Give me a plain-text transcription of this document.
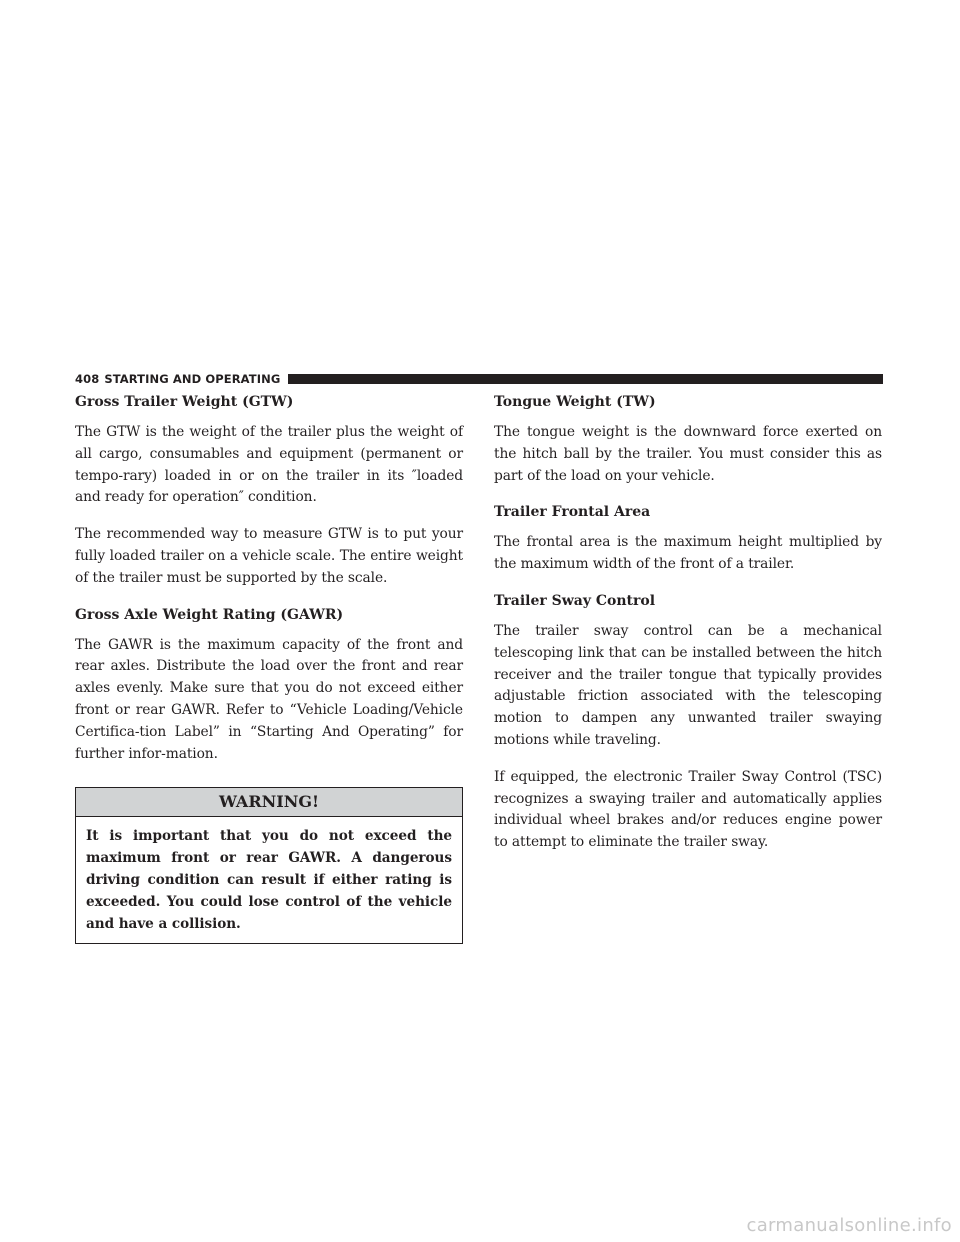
408 STARTING AND OPERATING
Gross Trailer Weight (GTW)

The GTW is the weight of the trailer plus the weight of all cargo, consumables and equipment (permanent or tempo-rary) loaded in or on the trailer in its ″loaded and ready for operation″ condition.

The recommended way to measure GTW is to put your fully loaded trailer on a vehicle scale. The entire weight of the trailer must be supported by the scale.

Gross Axle Weight Rating (GAWR)

The GAWR is the maximum capacity of the front and rear axles. Distribute the load over the front and rear axles evenly. Make sure that you do not exceed either front or rear GAWR. Refer to “Vehicle Loading/Vehicle Certifica-tion Label” in “Starting And Operating” for further infor-mation.

WARNING!
It is important that you do not exceed the maximum front or rear GAWR. A dangerous driving condition can result if either rating is exceeded. You could lose control of the vehicle and have a collision.
Tongue Weight (TW)

The tongue weight is the downward force exerted on the hitch ball by the trailer. You must consider this as part of the load on your vehicle.

Trailer Frontal Area

The frontal area is the maximum height multiplied by the maximum width of the front of a trailer.

Trailer Sway Control

The trailer sway control can be a mechanical telescoping link that can be installed between the hitch receiver and the trailer tongue that typically provides adjustable friction associated with the telescoping motion to dampen any unwanted trailer swaying motions while traveling.

If equipped, the electronic Trailer Sway Control (TSC) recognizes a swaying trailer and automatically applies individual wheel brakes and/or reduces engine power to attempt to eliminate the trailer sway.

carmanualsonline.info
